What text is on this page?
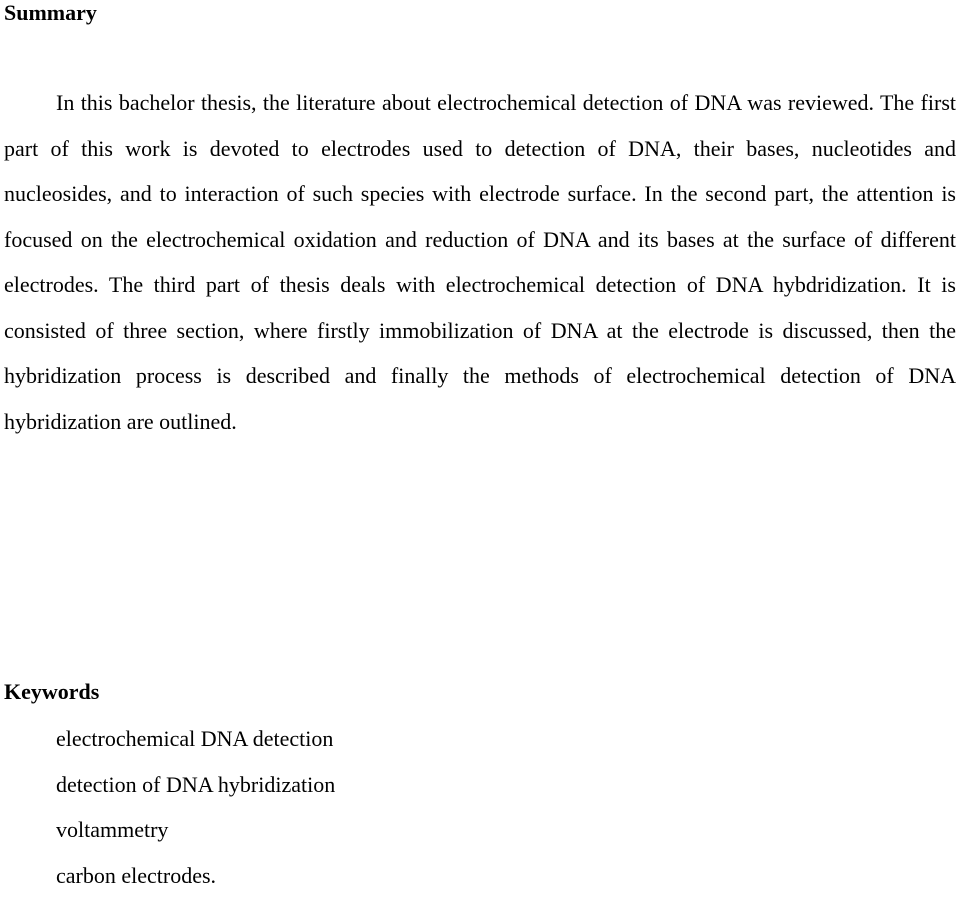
Summary

In this bachelor thesis, the literature about electrochemical detection of DNA was reviewed. The first part of this work is devoted to electrodes used to detection of DNA, their bases, nucleotides and nucleosides, and to interaction of such species with electrode surface. In the second part, the attention is focused on the electrochemical oxidation and reduction of DNA and its bases at the surface of different electrodes. The third part of thesis deals with electrochemical detection of DNA hybdridization. It is consisted of three section, where firstly immobilization of DNA at the electrode is discussed, then the hybridization process is described and finally the methods of electrochemical detection of DNA hybridization are outlined.

Keywords
electrochemical DNA detection
detection of DNA hybridization
voltammetry
carbon electrodes.
